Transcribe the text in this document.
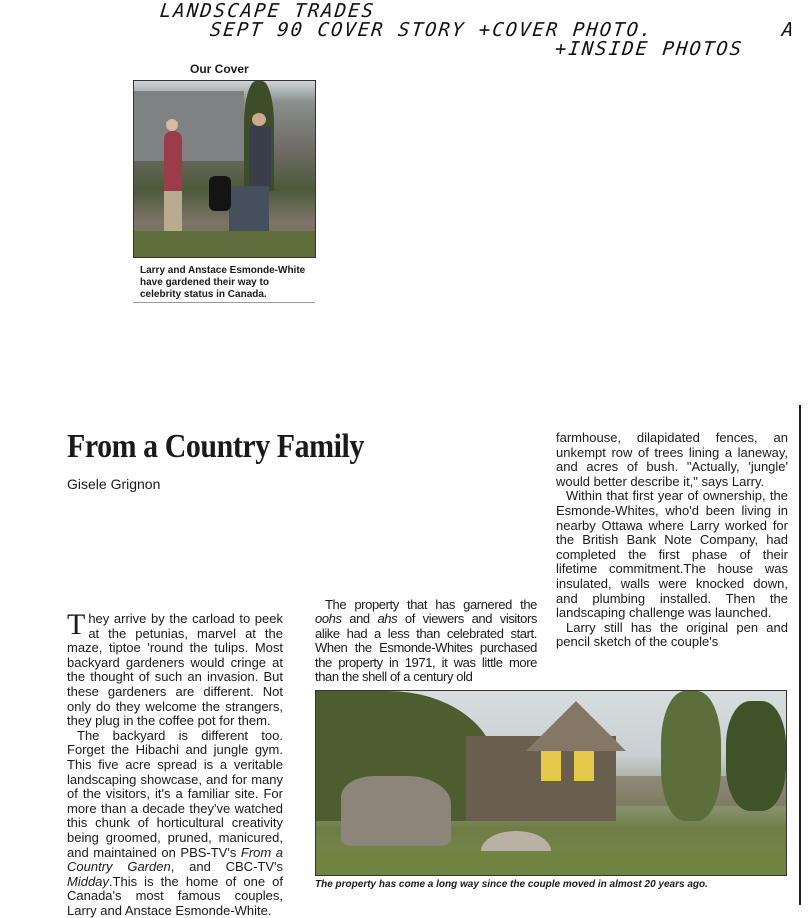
LANDSCAPE TRADES
SEPT 90 COVER STORY +COVER PHOTO.	A
+INSIDE PHOTOS
Our Cover
Larry and Anstace Esmonde-White have gardened their way to celebrity status in Canada.
From a Country Family
Gisele Grignon

They arrive by the carload to peek at the petunias, marvel at the maze, tiptoe 'round the tulips. Most backyard gardeners would cringe at the thought of such an invasion. But these gardeners are different. Not only do they welcome the strangers, they plug in the coffee pot for them.

The backyard is different too. Forget the Hibachi and jungle gym. This five acre spread is a veritable landscaping showcase, and for many of the visitors, it's a familiar site. For more than a decade they've watched this chunk of horticultural creativity being groomed, pruned, manicured, and maintained on PBS-TV's From a Country Garden, and CBC-TV's Midday.This is the home of one of Canada's most famous couples, Larry and Anstace Esmonde-White.

The property that has garnered the oohs and ahs of viewers and visitors alike had a less than celebrated start. When the Esmonde-Whites purchased the property in 1971, it was little more than the shell of a century old

farmhouse, dilapidated fences, an unkempt row of trees lining a laneway, and acres of bush. "Actually, 'jungle' would better describe it," says Larry.

Within that first year of ownership, the Esmonde-Whites, who'd been living in nearby Ottawa where Larry worked for the British Bank Note Company, had completed the first phase of their lifetime commitment.The house was insulated, walls were knocked down, and plumbing installed. Then the landscaping challenge was launched.

Larry still has the original pen and pencil sketch of the couple's

The property has come a long way since the couple moved in almost 20 years ago.
